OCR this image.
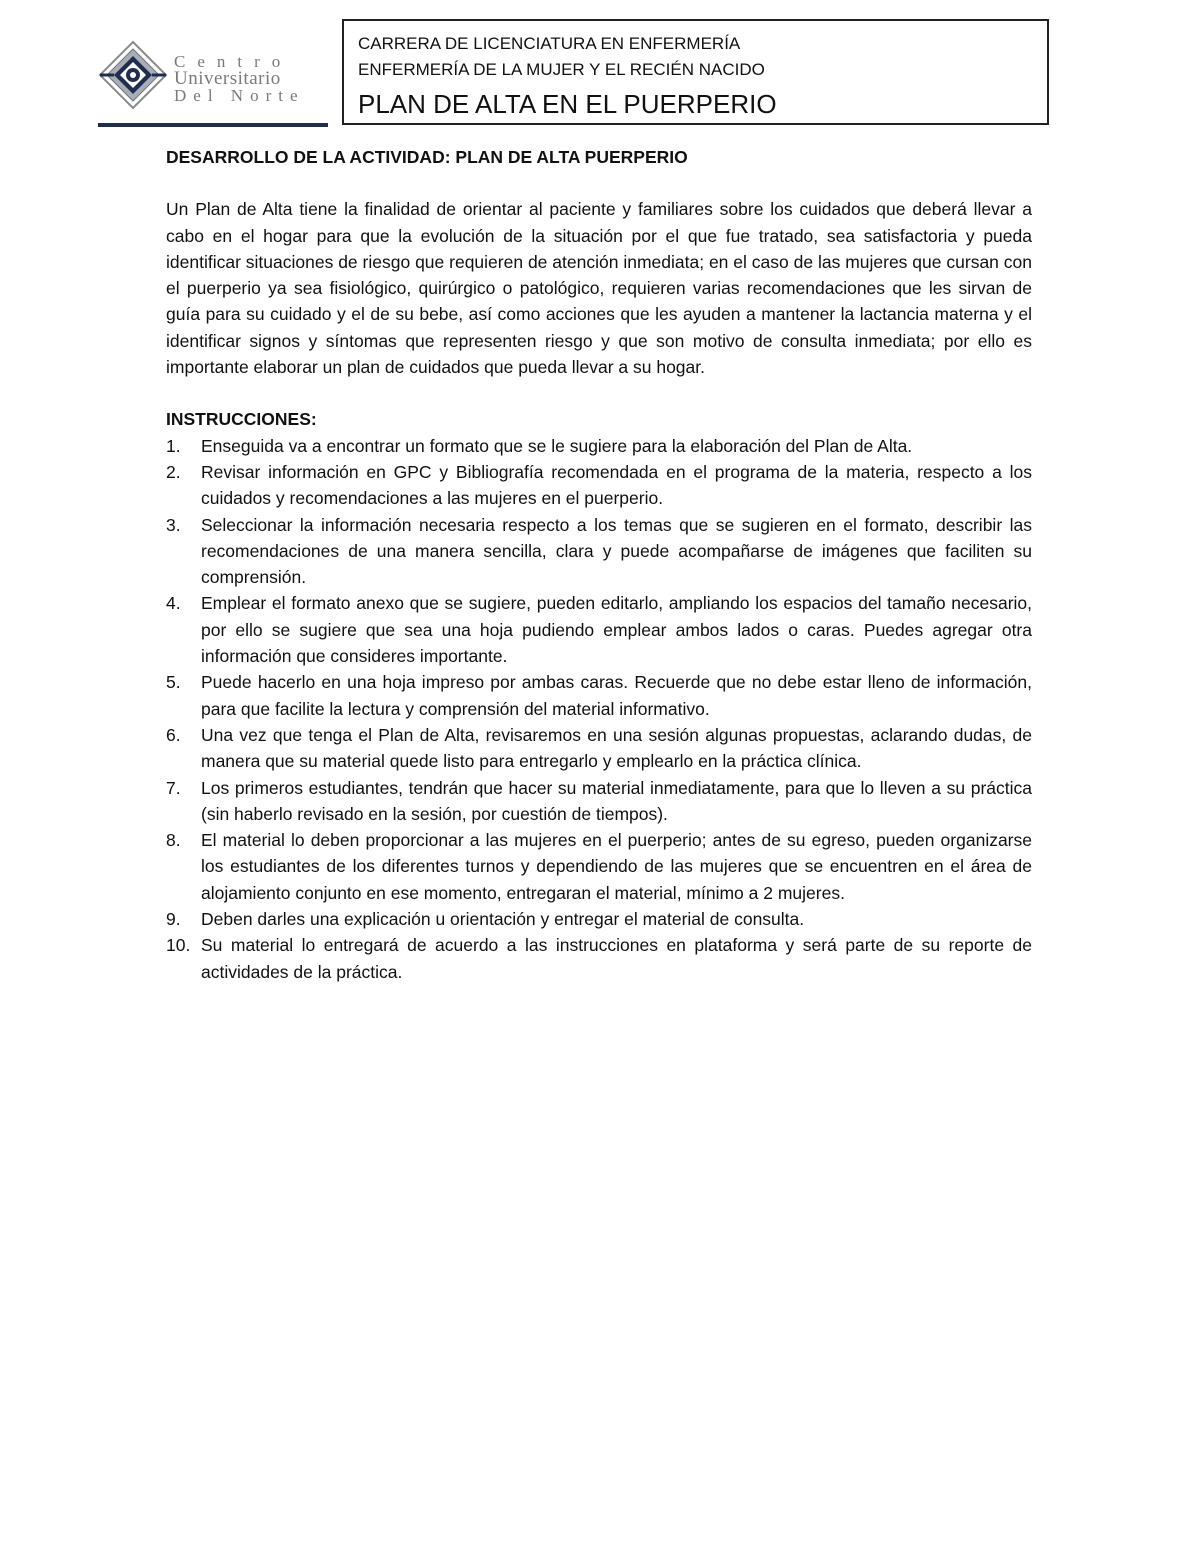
Centro
Universitario
Del Norte
CARRERA DE LICENCIATURA EN ENFERMERÍA
ENFERMERÍA DE LA MUJER Y EL RECIÉN NACIDO
PLAN DE ALTA EN EL PUERPERIO

DESARROLLO DE LA ACTIVIDAD: PLAN DE ALTA PUERPERIO

Un Plan de Alta tiene la finalidad de orientar al paciente y familiares sobre los cuidados que deberá llevar a cabo en el hogar para que la evolución de la situación por el que fue tratado, sea satisfactoria y pueda identificar situaciones de riesgo que requieren de atención inmediata; en el caso de las mujeres que cursan con el puerperio ya sea fisiológico, quirúrgico o patológico, requieren varias recomendaciones que les sirvan de guía para su cuidado y el de su bebe, así como acciones que les ayuden a mantener la lactancia materna y el identificar signos y síntomas que representen riesgo y que son motivo de consulta inmediata; por ello es importante elaborar un plan de cuidados que pueda llevar a su hogar.

INSTRUCCIONES:

1.	Enseguida va a encontrar un formato que se le sugiere para la elaboración del Plan de Alta.
2.	Revisar información en GPC y Bibliografía recomendada en el programa de la materia, respecto a los cuidados y recomendaciones a las mujeres en el puerperio.
3.	Seleccionar la información necesaria respecto a los temas que se sugieren en el formato, describir las recomendaciones de una manera sencilla, clara y puede acompañarse de imágenes que faciliten su comprensión.
4.	Emplear el formato anexo que se sugiere, pueden editarlo, ampliando los espacios del tamaño necesario, por ello se sugiere que sea una hoja pudiendo emplear ambos lados o caras. Puedes agregar otra información que consideres importante.
5.	Puede hacerlo en una hoja impreso por ambas caras. Recuerde que no debe estar lleno de información, para que facilite la lectura y comprensión del material informativo.
6.	Una vez que tenga el Plan de Alta, revisaremos en una sesión algunas propuestas, aclarando dudas, de manera que su material quede listo para entregarlo y emplearlo en la práctica clínica.
7.	Los primeros estudiantes, tendrán que hacer su material inmediatamente, para que lo lleven a su práctica (sin haberlo revisado en la sesión, por cuestión de tiempos).
8.	El material lo deben proporcionar a las mujeres en el puerperio; antes de su egreso, pueden organizarse los estudiantes de los diferentes turnos y dependiendo de las mujeres que se encuentren en el área de alojamiento conjunto en ese momento, entregaran el material, mínimo a 2 mujeres.
9.	Deben darles una explicación u orientación y entregar el material de consulta.
10. Su material lo entregará de acuerdo a las instrucciones en plataforma y será parte de su reporte de actividades de la práctica.
